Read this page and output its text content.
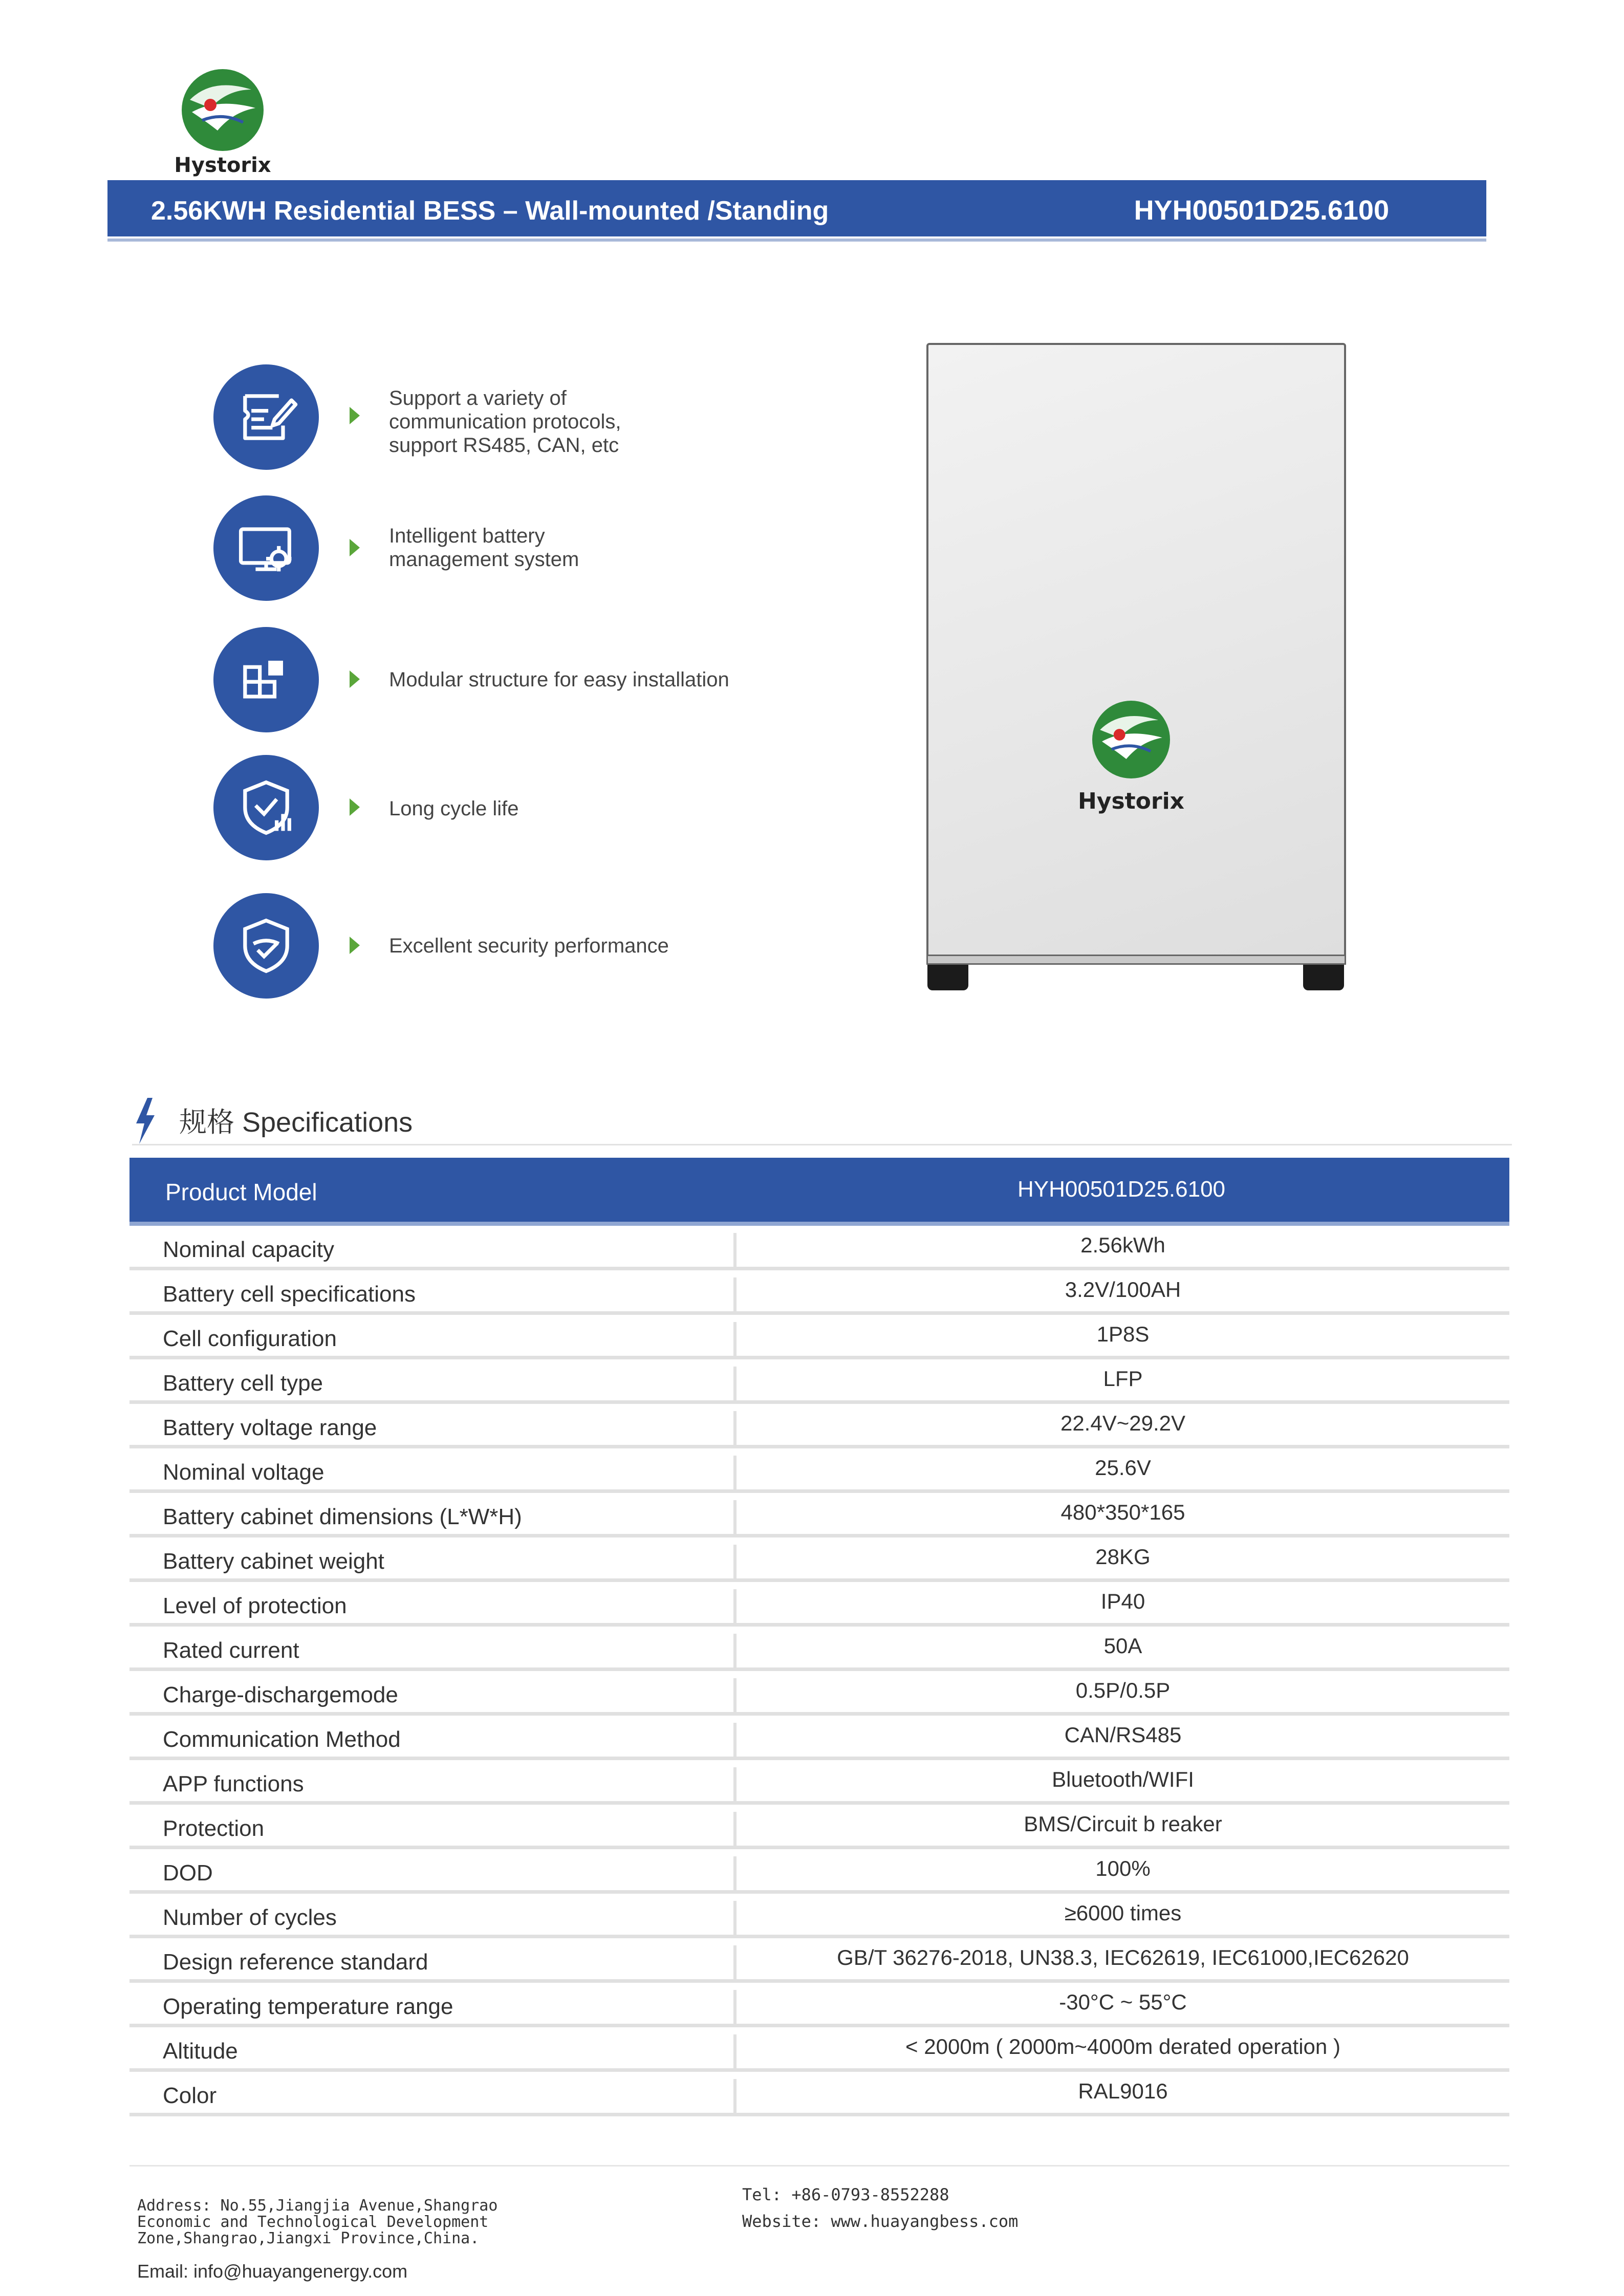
Hystorix
2.56KWH Residential BESS – Wall-mounted /Standing	HYH00501D25.6100
Support a variety of
communication protocols,
support RS485, CAN, etc
Intelligent battery
management system
Modular structure for easy installation
Long cycle life
Excellent security performance
Hystorix
规格 Specifications
Product Model	HYH00501D25.6100
Nominal capacity	2.56kWh
Battery cell specifications	3.2V/100AH
Cell configuration	1P8S
Battery cell type	LFP
Battery voltage range	22.4V~29.2V
Nominal voltage	25.6V
Battery cabinet dimensions (L*W*H)	480*350*165
Battery cabinet weight	28KG
Level of protection	IP40
Rated current	50A
Charge-dischargemode	0.5P/0.5P
Communication Method	CAN/RS485
APP functions	Bluetooth/WIFI
Protection	BMS/Circuit b reaker
DOD	100%
Number of cycles	≥6000 times
Design reference standard	GB/T 36276-2018, UN38.3, IEC62619, IEC61000,IEC62620
Operating temperature range	-30°C ~ 55°C
Altitude	< 2000m ( 2000m~4000m derated operation )
Color	RAL9016

Address: No.55,Jiangjia Avenue,Shangrao
Economic and Technological Development
Zone,Shangrao,Jiangxi Province,China.

Email: info@huayangenergy.com

Tel: +86-0793-8552288
Website: www.huayangbess.com
